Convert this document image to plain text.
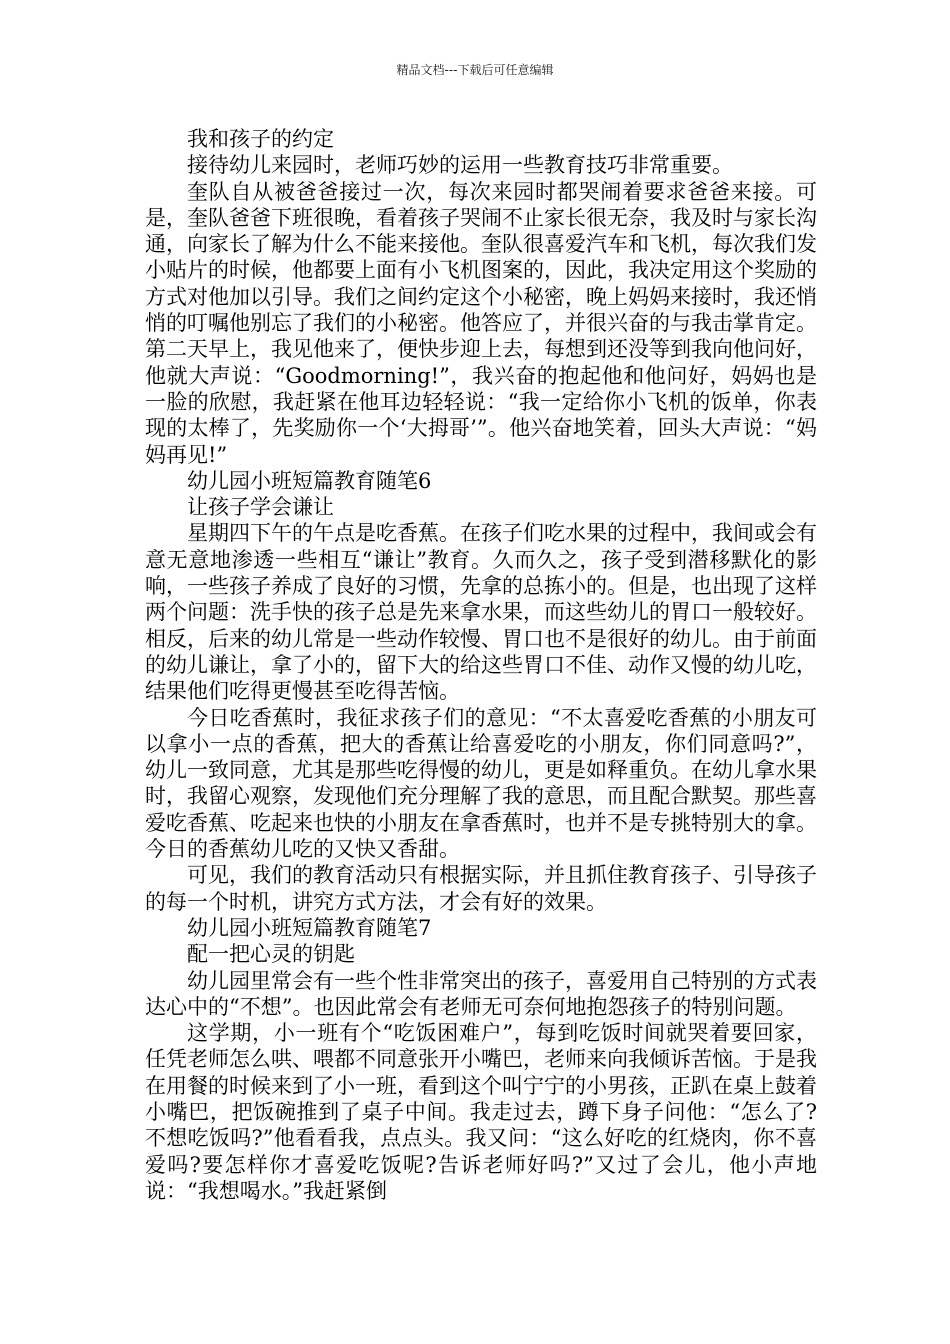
精品文档---下载后可任意编辑

我和孩子的约定

接待幼儿来园时，老师巧妙的运用一些教育技巧非常重要。

奎队自从被爸爸接过一次，每次来园时都哭闹着要求爸爸来接。可是，奎队爸爸下班很晚，看着孩子哭闹不止家长很无奈，我及时与家长沟通，向家长了解为什么不能来接他。奎队很喜爱汽车和飞机，每次我们发小贴片的时候，他都要上面有小飞机图案的，因此，我决定用这个奖励的方式对他加以引导。我们之间约定这个小秘密，晚上妈妈来接时，我还悄悄的叮嘱他别忘了我们的小秘密。他答应了，并很兴奋的与我击掌肯定。第二天早上，我见他来了，便快步迎上去，每想到还没等到我向他问好，他就大声说：“Goodmorning!”，我兴奋的抱起他和他问好，妈妈也是一脸的欣慰，我赶紧在他耳边轻轻说：“我一定给你小飞机的饭单，你表现的太棒了，先奖励你一个‘大拇哥’”。他兴奋地笑着，回头大声说：“妈妈再见!”

幼儿园小班短篇教育随笔6

让孩子学会谦让

星期四下午的午点是吃香蕉。在孩子们吃水果的过程中，我间或会有意无意地渗透一些相互“谦让”教育。久而久之，孩子受到潜移默化的影响，一些孩子养成了良好的习惯，先拿的总拣小的。但是，也出现了这样两个问题：洗手快的孩子总是先来拿水果，而这些幼儿的胃口一般较好。相反，后来的幼儿常是一些动作较慢、胃口也不是很好的幼儿。由于前面的幼儿谦让，拿了小的，留下大的给这些胃口不佳、动作又慢的幼儿吃，结果他们吃得更慢甚至吃得苦恼。

今日吃香蕉时，我征求孩子们的意见：“不太喜爱吃香蕉的小朋友可以拿小一点的香蕉，把大的香蕉让给喜爱吃的小朋友，你们同意吗?”，幼儿一致同意，尤其是那些吃得慢的幼儿，更是如释重负。在幼儿拿水果时，我留心观察，发现他们充分理解了我的意思，而且配合默契。那些喜爱吃香蕉、吃起来也快的小朋友在拿香蕉时，也并不是专挑特别大的拿。今日的香蕉幼儿吃的又快又香甜。

可见，我们的教育活动只有根据实际，并且抓住教育孩子、引导孩子的每一个时机，讲究方式方法，才会有好的效果。

幼儿园小班短篇教育随笔7

配一把心灵的钥匙

幼儿园里常会有一些个性非常突出的孩子，喜爱用自己特别的方式表达心中的“不想”。也因此常会有老师无可奈何地抱怨孩子的特别问题。

这学期，小一班有个“吃饭困难户”，每到吃饭时间就哭着要回家，任凭老师怎么哄、喂都不同意张开小嘴巴，老师来向我倾诉苦恼。于是我在用餐的时候来到了小一班，看到这个叫宁宁的小男孩，正趴在桌上鼓着小嘴巴，把饭碗推到了桌子中间。我走过去，蹲下身子问他：“怎么了?不想吃饭吗?”他看看我，点点头。我又问：“这么好吃的红烧肉，你不喜爱吗?要怎样你才喜爱吃饭呢?告诉老师好吗?”又过了会儿，他小声地说：“我想喝水。”我赶紧倒
